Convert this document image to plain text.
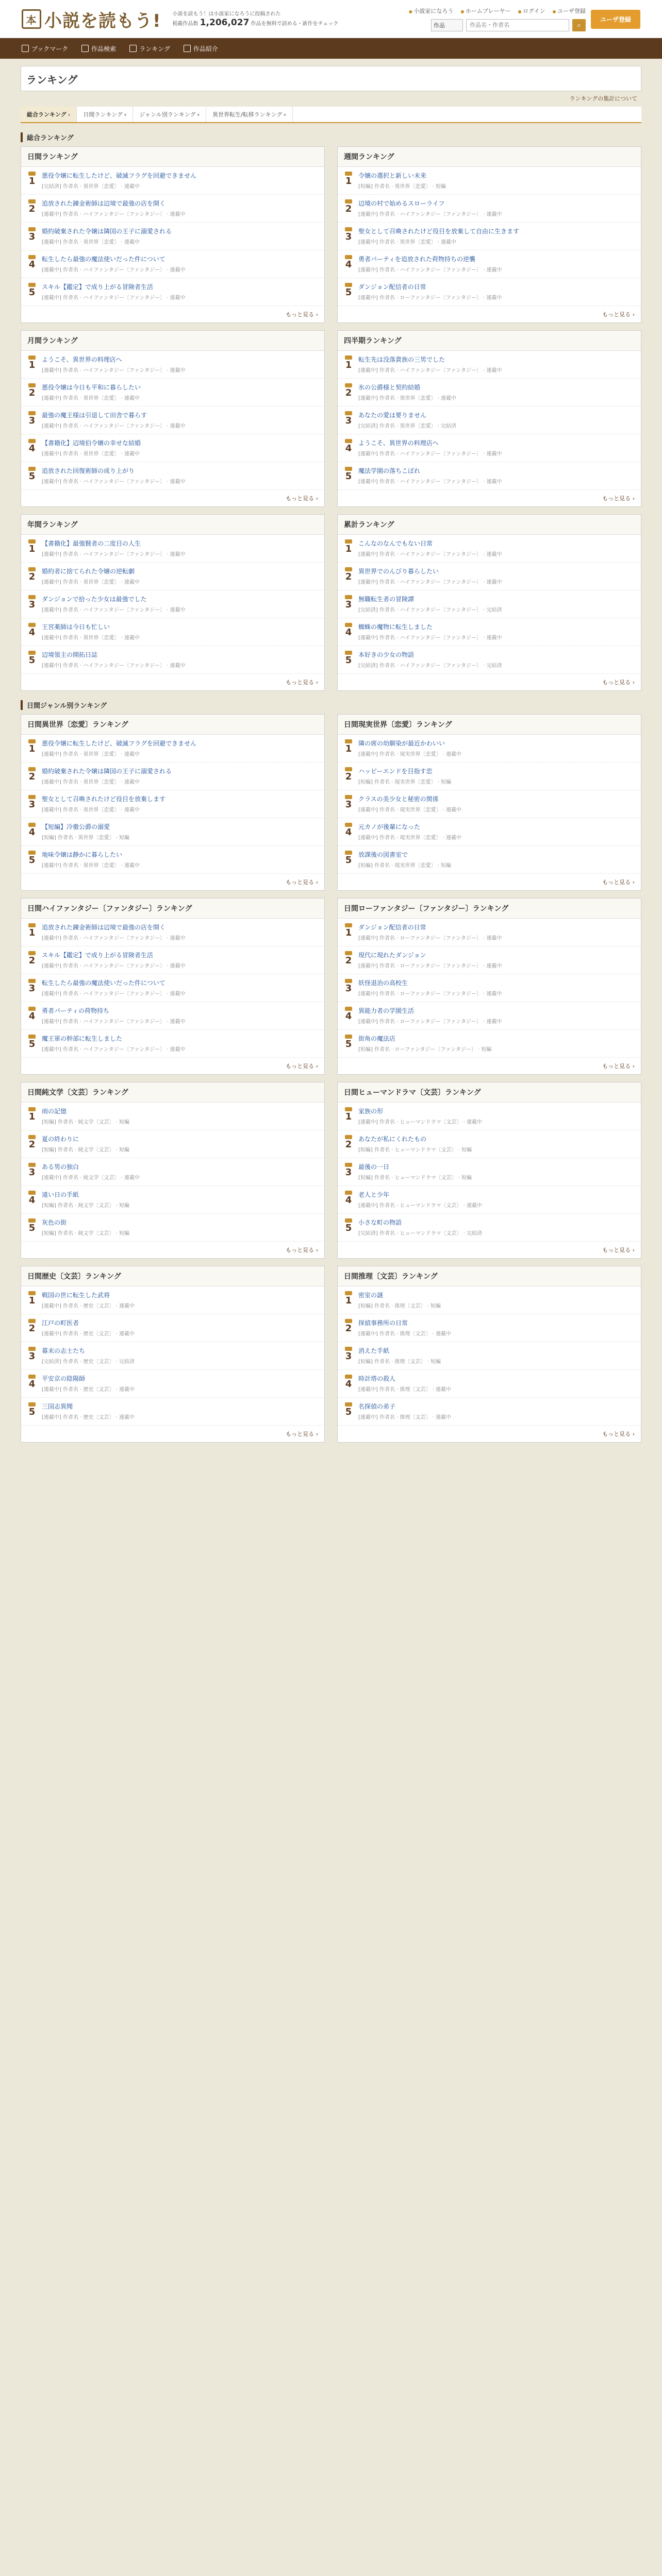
本 小説を読もう! 小説を読もう！は小説家になろうに投稿された
掲載作品数 1,206,027 作品を無料で読める・新作をチェック
● 小説家になろう	● ホームプレーヤー	● ログイン	● ユーザ登録
作品
作品名・作者名	⌕
ユーザ登録
ブックマーク	作品検索	ランキング	作品紹介
ランキング
ランキングの集計について
総合ランキング ▾	日間ランキング ▾	ジャンル別ランキング ▾	異世界転生/転移ランキング ▾
総合ランキング
日間ランキング
1 悪役令嬢に転生したけど、破滅フラグを回避できません
[完結済] 作者名 · 異世界〔恋愛〕 · 連載中
2 追放された錬金術師は辺境で最強の店を開く
[連載中] 作者名 · ハイファンタジー〔ファンタジー〕 · 連載中
3 婚約破棄された令嬢は隣国の王子に溺愛される
[連載中] 作者名 · 異世界〔恋愛〕 · 連載中
4 転生したら最強の魔法使いだった件について
[連載中] 作者名 · ハイファンタジー〔ファンタジー〕 · 連載中
5 スキル【鑑定】で成り上がる冒険者生活
[連載中] 作者名 · ハイファンタジー〔ファンタジー〕 · 連載中
もっと見る ›
週間ランキング
1 令嬢の選択と新しい未来
[短編] 作者名 · 異世界〔恋愛〕 · 短編
2 辺境の村で始めるスローライフ
[連載中] 作者名 · ハイファンタジー〔ファンタジー〕 · 連載中
3 聖女として召喚されたけど役目を放棄して自由に生きます
[連載中] 作者名 · 異世界〔恋愛〕 · 連載中
4 勇者パーティを追放された荷物持ちの逆襲
[連載中] 作者名 · ハイファンタジー〔ファンタジー〕 · 連載中
5 ダンジョン配信者の日常
[連載中] 作者名 · ローファンタジー〔ファンタジー〕 · 連載中
もっと見る ›
月間ランキング
1 ようこそ、異世界の料理店へ
[連載中] 作者名 · ハイファンタジー〔ファンタジー〕 · 連載中
2 悪役令嬢は今日も平和に暮らしたい
[連載中] 作者名 · 異世界〔恋愛〕 · 連載中
3 最強の魔王様は引退して田舎で暮らす
[連載中] 作者名 · ハイファンタジー〔ファンタジー〕 · 連載中
4 【書籍化】辺境伯令嬢の幸せな結婚
[連載中] 作者名 · 異世界〔恋愛〕 · 連載中
5 追放された回復術師の成り上がり
[連載中] 作者名 · ハイファンタジー〔ファンタジー〕 · 連載中
もっと見る ›
四半期ランキング
1 転生先は没落貴族の三男でした
[連載中] 作者名 · ハイファンタジー〔ファンタジー〕 · 連載中
2 氷の公爵様と契約結婚
[連載中] 作者名 · 異世界〔恋愛〕 · 連載中
3 あなたの愛は要りません
[完結済] 作者名 · 異世界〔恋愛〕 · 完結済
4 ようこそ、異世界の料理店へ
[連載中] 作者名 · ハイファンタジー〔ファンタジー〕 · 連載中
5 魔法学園の落ちこぼれ
[連載中] 作者名 · ハイファンタジー〔ファンタジー〕 · 連載中
もっと見る ›
年間ランキング
1 【書籍化】最強賢者の二度目の人生
[連載中] 作者名 · ハイファンタジー〔ファンタジー〕 · 連載中
2 婚約者に捨てられた令嬢の逆転劇
[連載中] 作者名 · 異世界〔恋愛〕 · 連載中
3 ダンジョンで拾った少女は最強でした
[連載中] 作者名 · ハイファンタジー〔ファンタジー〕 · 連載中
4 王宮薬師は今日も忙しい
[連載中] 作者名 · 異世界〔恋愛〕 · 連載中
5 辺境領主の開拓日誌
[連載中] 作者名 · ハイファンタジー〔ファンタジー〕 · 連載中
もっと見る ›
累計ランキング
1 こんなのなんでもない日常
[連載中] 作者名 · ハイファンタジー〔ファンタジー〕 · 連載中
2 異世界でのんびり暮らしたい
[連載中] 作者名 · ハイファンタジー〔ファンタジー〕 · 連載中
3 無職転生者の冒険譚
[完結済] 作者名 · ハイファンタジー〔ファンタジー〕 · 完結済
4 蜘蛛の魔物に転生しました
[連載中] 作者名 · ハイファンタジー〔ファンタジー〕 · 連載中
5 本好きの少女の物語
[完結済] 作者名 · ハイファンタジー〔ファンタジー〕 · 完結済
もっと見る ›
日間ジャンル別ランキング
日間異世界〔恋愛〕ランキング
1 悪役令嬢に転生したけど、破滅フラグを回避できません
[連載中] 作者名 · 異世界〔恋愛〕 · 連載中
2 婚約破棄された令嬢は隣国の王子に溺愛される
[連載中] 作者名 · 異世界〔恋愛〕 · 連載中
3 聖女として召喚されたけど役目を放棄します
[連載中] 作者名 · 異世界〔恋愛〕 · 連載中
4 【短編】冷徹公爵の溺愛
[短編] 作者名 · 異世界〔恋愛〕 · 短編
5 地味令嬢は静かに暮らしたい
[連載中] 作者名 · 異世界〔恋愛〕 · 連載中
もっと見る ›
日間現実世界〔恋愛〕ランキング
1 隣の席の幼馴染が最近かわいい
[連載中] 作者名 · 現実世界〔恋愛〕 · 連載中
2 ハッピーエンドを目指す恋
[短編] 作者名 · 現実世界〔恋愛〕 · 短編
3 クラスの美少女と秘密の関係
[連載中] 作者名 · 現実世界〔恋愛〕 · 連載中
4 元カノが後輩になった
[連載中] 作者名 · 現実世界〔恋愛〕 · 連載中
5 放課後の図書室で
[短編] 作者名 · 現実世界〔恋愛〕 · 短編
もっと見る ›
日間ハイファンタジー〔ファンタジー〕ランキング
1 追放された錬金術師は辺境で最強の店を開く
[連載中] 作者名 · ハイファンタジー〔ファンタジー〕 · 連載中
2 スキル【鑑定】で成り上がる冒険者生活
[連載中] 作者名 · ハイファンタジー〔ファンタジー〕 · 連載中
3 転生したら最強の魔法使いだった件について
[連載中] 作者名 · ハイファンタジー〔ファンタジー〕 · 連載中
4 勇者パーティの荷物持ち
[連載中] 作者名 · ハイファンタジー〔ファンタジー〕 · 連載中
5 魔王軍の幹部に転生しました
[連載中] 作者名 · ハイファンタジー〔ファンタジー〕 · 連載中
もっと見る ›
日間ローファンタジー〔ファンタジー〕ランキング
1 ダンジョン配信者の日常
[連載中] 作者名 · ローファンタジー〔ファンタジー〕 · 連載中
2 現代に現れたダンジョン
[連載中] 作者名 · ローファンタジー〔ファンタジー〕 · 連載中
3 妖怪退治の高校生
[連載中] 作者名 · ローファンタジー〔ファンタジー〕 · 連載中
4 異能力者の学園生活
[連載中] 作者名 · ローファンタジー〔ファンタジー〕 · 連載中
5 街角の魔法店
[短編] 作者名 · ローファンタジー〔ファンタジー〕 · 短編
もっと見る ›
日間純文学〔文芸〕ランキング
1 雨の記憶
[短編] 作者名 · 純文学〔文芸〕 · 短編
2 夏の終わりに
[短編] 作者名 · 純文学〔文芸〕 · 短編
3 ある男の独白
[連載中] 作者名 · 純文学〔文芸〕 · 連載中
4 遠い日の手紙
[短編] 作者名 · 純文学〔文芸〕 · 短編
5 灰色の街
[短編] 作者名 · 純文学〔文芸〕 · 短編
もっと見る ›
日間ヒューマンドラマ〔文芸〕ランキング
1 家族の形
[連載中] 作者名 · ヒューマンドラマ〔文芸〕 · 連載中
2 あなたが私にくれたもの
[短編] 作者名 · ヒューマンドラマ〔文芸〕 · 短編
3 最後の一日
[短編] 作者名 · ヒューマンドラマ〔文芸〕 · 短編
4 老人と少年
[連載中] 作者名 · ヒューマンドラマ〔文芸〕 · 連載中
5 小さな町の物語
[完結済] 作者名 · ヒューマンドラマ〔文芸〕 · 完結済
もっと見る ›
日間歴史〔文芸〕ランキング
1 戦国の世に転生した武将
[連載中] 作者名 · 歴史〔文芸〕 · 連載中
2 江戸の町医者
[連載中] 作者名 · 歴史〔文芸〕 · 連載中
3 幕末の志士たち
[完結済] 作者名 · 歴史〔文芸〕 · 完結済
4 平安京の陰陽師
[連載中] 作者名 · 歴史〔文芸〕 · 連載中
5 三国志異聞
[連載中] 作者名 · 歴史〔文芸〕 · 連載中
もっと見る ›
日間推理〔文芸〕ランキング
1 密室の謎
[短編] 作者名 · 推理〔文芸〕 · 短編
2 探偵事務所の日常
[連載中] 作者名 · 推理〔文芸〕 · 連載中
3 消えた手紙
[短編] 作者名 · 推理〔文芸〕 · 短編
4 時計塔の殺人
[連載中] 作者名 · 推理〔文芸〕 · 連載中
5 名探偵の弟子
[連載中] 作者名 · 推理〔文芸〕 · 連載中
もっと見る ›
